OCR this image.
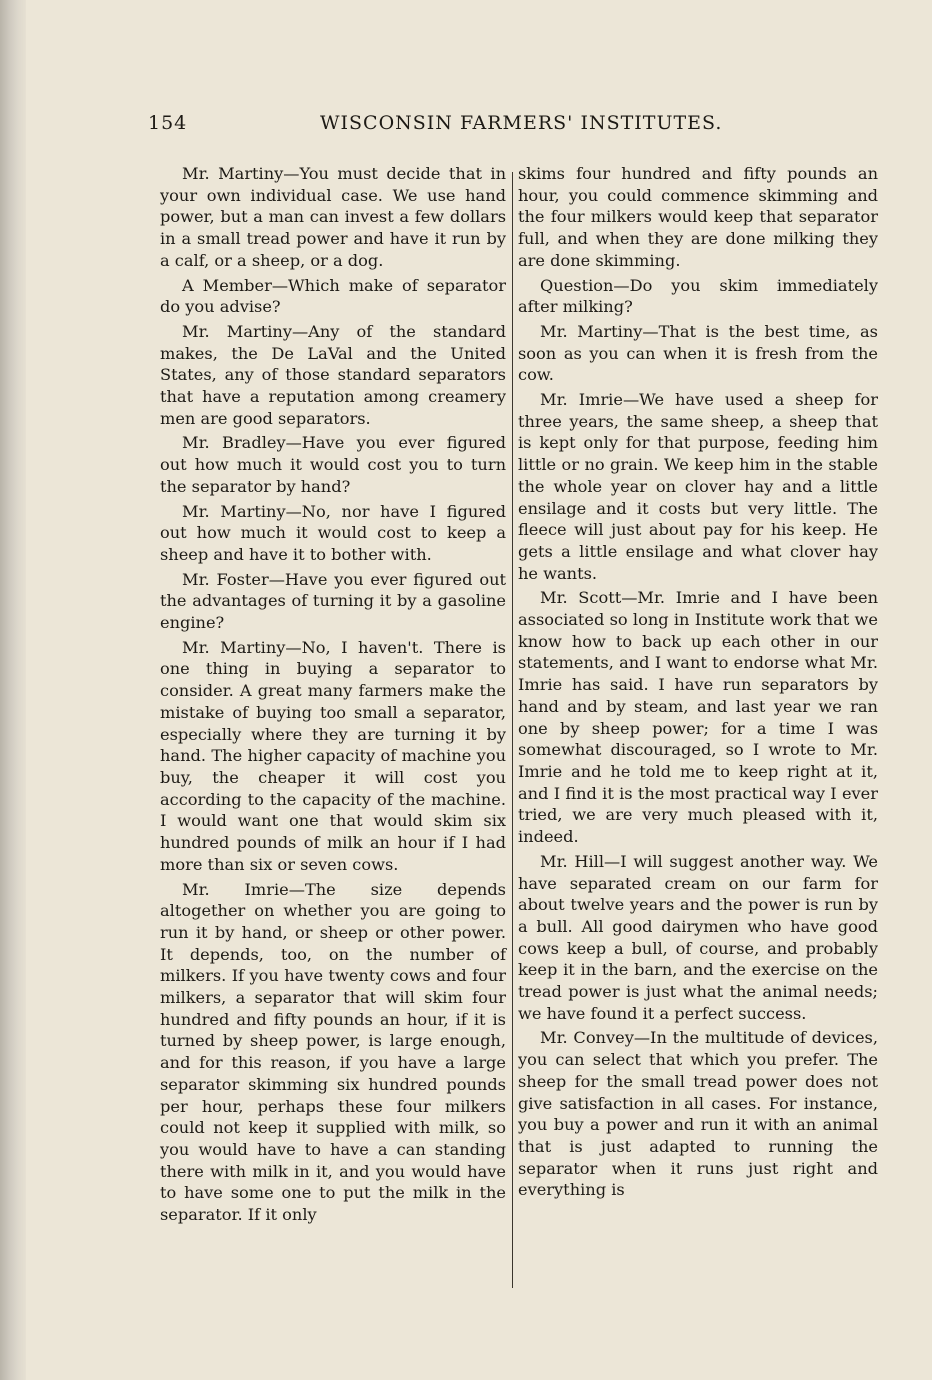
154	WISCONSIN FARMERS' INSTITUTES.

Mr. Martiny—You must decide that in your own individual case. We use hand power, but a man can invest a few dollars in a small tread power and have it run by a calf, or a sheep, or a dog.

A Member—Which make of separator do you advise?

Mr. Martiny—Any of the standard makes, the De LaVal and the United States, any of those standard separators that have a reputation among creamery men are good separators.

Mr. Bradley—Have you ever figured out how much it would cost you to turn the separator by hand?

Mr. Martiny—No, nor have I figured out how much it would cost to keep a sheep and have it to bother with.

Mr. Foster—Have you ever figured out the advantages of turning it by a gasoline engine?

Mr. Martiny—No, I haven't. There is one thing in buying a separator to consider. A great many farmers make the mistake of buying too small a separator, especially where they are turning it by hand. The higher capacity of machine you buy, the cheaper it will cost you according to the capacity of the machine. I would want one that would skim six hundred pounds of milk an hour if I had more than six or seven cows.

Mr. Imrie—The size depends altogether on whether you are going to run it by hand, or sheep or other power. It depends, too, on the number of milkers. If you have twenty cows and four milkers, a separator that will skim four hundred and fifty pounds an hour, if it is turned by sheep power, is large enough, and for this reason, if you have a large separator skimming six hundred pounds per hour, perhaps these four milkers could not keep it supplied with milk, so you would have to have a can standing there with milk in it, and you would have to have some one to put the milk in the separator. If it only

skims four hundred and fifty pounds an hour, you could commence skimming and the four milkers would keep that separator full, and when they are done milking they are done skimming.

Question—Do you skim immediately after milking?

Mr. Martiny—That is the best time, as soon as you can when it is fresh from the cow.

Mr. Imrie—We have used a sheep for three years, the same sheep, a sheep that is kept only for that purpose, feeding him little or no grain. We keep him in the stable the whole year on clover hay and a little ensilage and it costs but very little. The fleece will just about pay for his keep. He gets a little ensilage and what clover hay he wants.

Mr. Scott—Mr. Imrie and I have been associated so long in Institute work that we know how to back up each other in our statements, and I want to endorse what Mr. Imrie has said. I have run separators by hand and by steam, and last year we ran one by sheep power; for a time I was somewhat discouraged, so I wrote to Mr. Imrie and he told me to keep right at it, and I find it is the most practical way I ever tried, we are very much pleased with it, indeed.

Mr. Hill—I will suggest another way. We have separated cream on our farm for about twelve years and the power is run by a bull. All good dairymen who have good cows keep a bull, of course, and probably keep it in the barn, and the exercise on the tread power is just what the animal needs; we have found it a perfect success.

Mr. Convey—In the multitude of devices, you can select that which you prefer. The sheep for the small tread power does not give satisfaction in all cases. For instance, you buy a power and run it with an animal that is just adapted to running the separator when it runs just right and everything is
